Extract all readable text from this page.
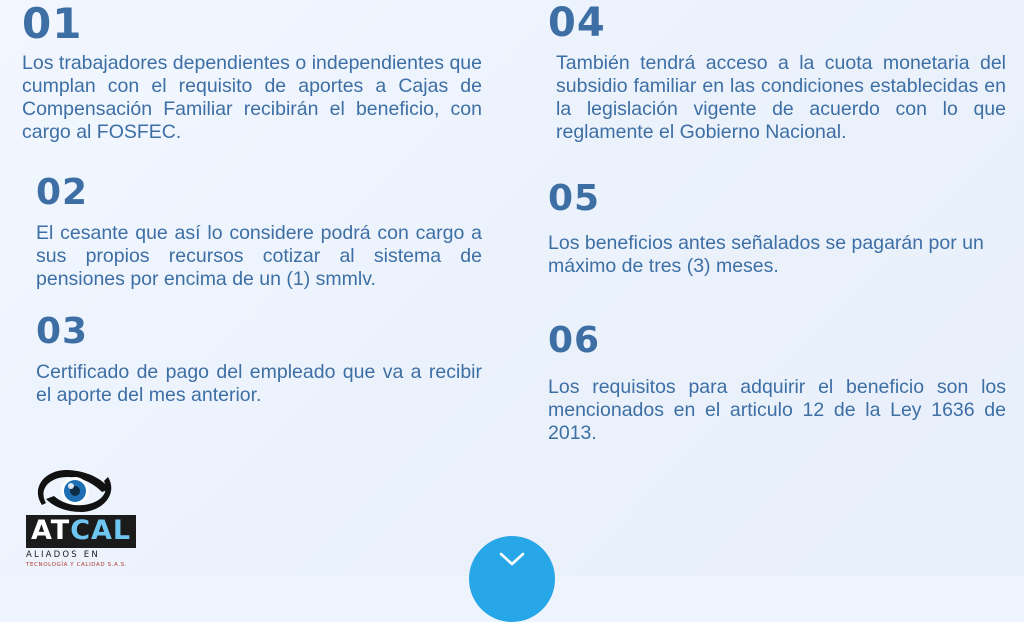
01

Los trabajadores dependientes o independientes que cumplan con el requisito de aportes a Cajas de Compensación Familiar recibirán el beneficio, con cargo al FOSFEC.

02

El cesante que así lo considere podrá con cargo a sus propios recursos cotizar al sistema de pensiones por encima de un (1) smmlv.

03

Certificado de pago del empleado que va a recibir el aporte del mes anterior.

04

También tendrá acceso a la cuota monetaria del subsidio familiar en las condiciones establecidas en la legislación vigente de acuerdo con lo que reglamente el Gobierno Nacional.

05

Los beneficios antes señalados se pagarán por un máximo de tres (3) meses.

06

Los requisitos para adquirir el beneficio son los mencionados en el articulo 12 de la Ley 1636 de 2013.

ATCAL
ALIADOS EN
TECNOLOGÍA Y CALIDAD S.A.S.
